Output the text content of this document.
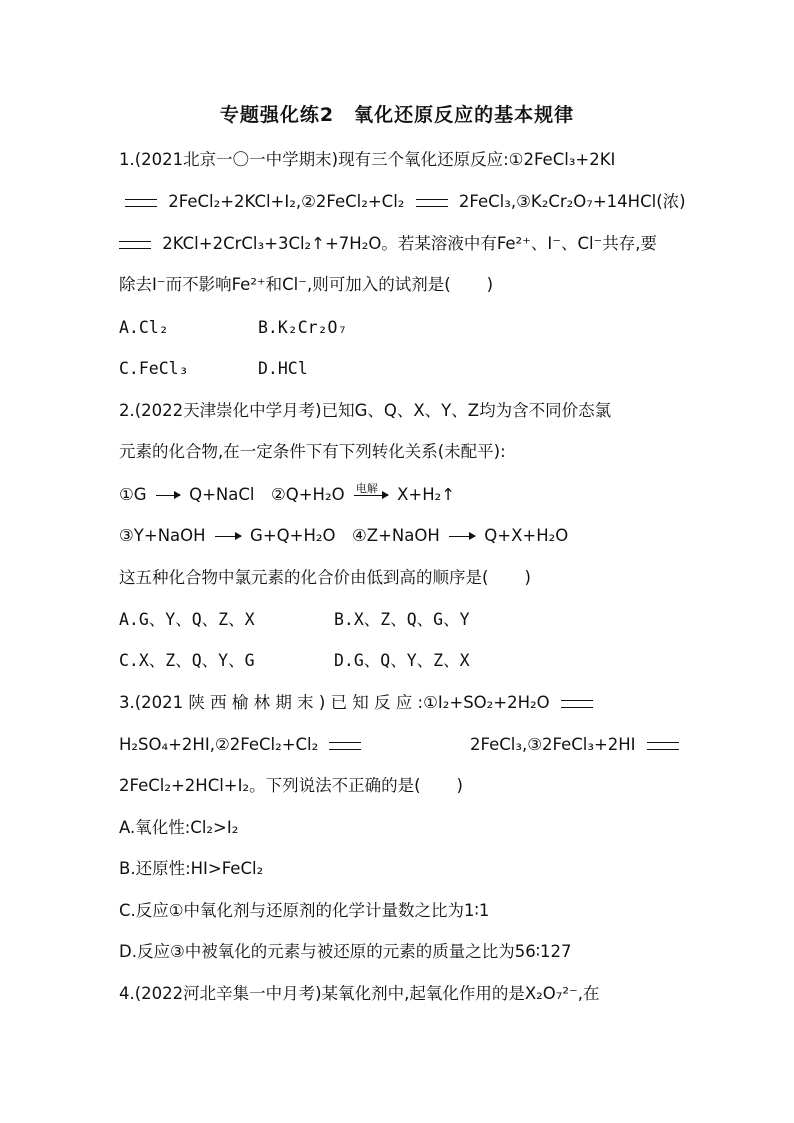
专题强化练2　氧化还原反应的基本规律
1.(2021北京一〇一中学期末)现有三个氧化还原反应:①2FeCl₃+2KI
2FeCl₂+2KCl+I₂,②2FeCl₂+Cl₂	2FeCl₃,③K₂Cr₂O₇+14HCl(浓)
2KCl+2CrCl₃+3Cl₂↑+7H₂O。若某溶液中有Fe²⁺、I⁻、Cl⁻共存,要
除去I⁻而不影响Fe²⁺和Cl⁻,则可加入的试剂是( )
A.Cl₂	B.K₂Cr₂O₇
C.FeCl₃	D.HCl
2.(2022天津崇化中学月考)已知G、Q、X、Y、Z均为含不同价态氯
元素的化合物,在一定条件下有下列转化关系(未配平):
①G	Q+NaCl　②Q+H₂O 电解 X+H₂↑
③Y+NaOH	G+Q+H₂O　④Z+NaOH	Q+X+H₂O
这五种化合物中氯元素的化合价由低到高的顺序是( )
A.G、Y、Q、Z、X	B.X、Z、Q、G、Y
C.X、Z、Q、Y、G	D.G、Q、Y、Z、X
3.(2021 陕 西 榆 林 期 末 ) 已 知 反 应 :①I₂+SO₂+2H₂O
H₂SO₄+2HI,②2FeCl₂+Cl₂	2FeCl₃,③2FeCl₃+2HI
2FeCl₂+2HCl+I₂。下列说法不正确的是( )
A.氧化性:Cl₂>I₂
B.还原性:HI>FeCl₂
C.反应①中氧化剂与还原剂的化学计量数之比为1∶1
D.反应③中被氧化的元素与被还原的元素的质量之比为56∶127
4.(2022河北辛集一中月考)某氧化剂中,起氧化作用的是X₂O₇²⁻,在
